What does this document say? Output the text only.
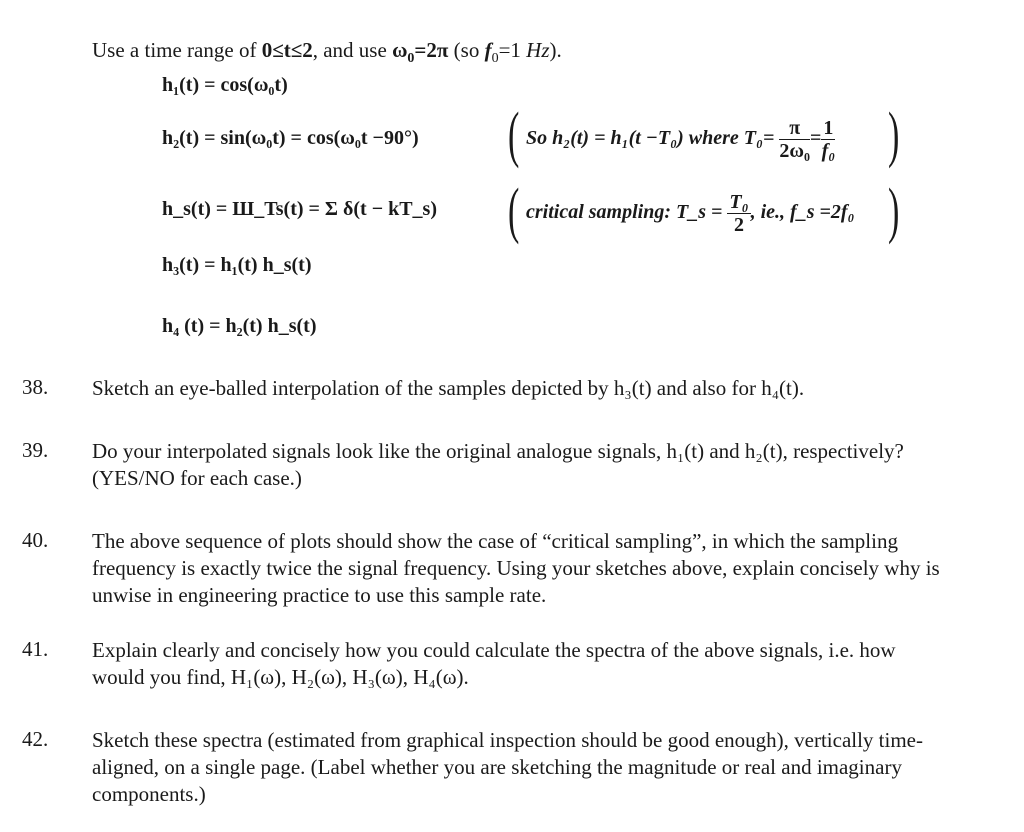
Use a time range of 0≤t≤2, and use $\omega_0=2\pi$ (so $f_0=1$ Hz).
h₁(t) = cos(ω₀t)
h₂(t) = sin(ω₀t) = cos(ω₀t −90°)
h_s(t) = Ш_Ts(t) = Σ δ(t − kT_s)
h₃(t) = h₁(t) h_s(t)
h₄ (t) = h₂(t) h_s(t)
( So h₂(t) = h₁(t −T₀) where $T_0= \frac{\pi}{\text{2ω₀}} = \frac{1}{\text{f₀}}$ )
( critical sampling: T_s = $\frac{\text{T₀}}{2}$ , ie., f_s =2f₀ )
38. Sketch an eye-balled interpolation of the samples depicted by h₃(t) and also for h₄(t).
39. Do your interpolated signals look like the original analogue signals, h₁(t) and h₂(t), respectively? (YES/NO for each case.)
40. The above sequence of plots should show the case of “critical sampling”, in which the sampling frequency is exactly twice the signal frequency. Using your sketches above, explain concisely why is unwise in engineering practice to use this sample rate.
41. Explain clearly and concisely how you could calculate the spectra of the above signals, i.e. how would you find, H₁(ω), H₂(ω), H₃(ω), H₄(ω).
42. Sketch these spectra (estimated from graphical inspection should be good enough), vertically time-aligned, on a single page. (Label whether you are sketching the magnitude or real and imaginary components.)
